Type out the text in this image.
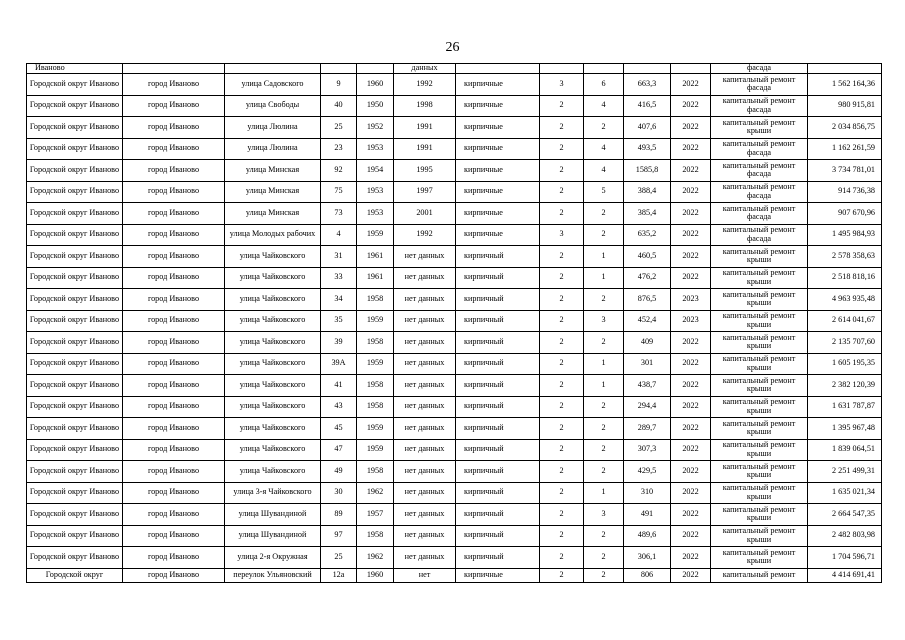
26
Иваново					данных						фасада	
Городской округ Иваново	город Иваново	улица Садовского	9	1960	1992	кирпичные	3	6	663,3	2022	капитальный ремонт фасада	1 562 164,36
Городской округ Иваново	город Иваново	улица Свободы	40	1950	1998	кирпичные	2	4	416,5	2022	капитальный ремонт фасада	980 915,81
Городской округ Иваново	город Иваново	улица Люлина	25	1952	1991	кирпичные	2	2	407,6	2022	капитальный ремонт крыши	2 034 856,75
Городской округ Иваново	город Иваново	улица Люлина	23	1953	1991	кирпичные	2	4	493,5	2022	капитальный ремонт фасада	1 162 261,59
Городской округ Иваново	город Иваново	улица Минская	92	1954	1995	кирпичные	2	4	1585,8	2022	капитальный ремонт фасада	3 734 781,01
Городской округ Иваново	город Иваново	улица Минская	75	1953	1997	кирпичные	2	5	388,4	2022	капитальный ремонт фасада	914 736,38
Городской округ Иваново	город Иваново	улица Минская	73	1953	2001	кирпичные	2	2	385,4	2022	капитальный ремонт фасада	907 670,96
Городской округ Иваново	город Иваново	улица Молодых рабочих	4	1959	1992	кирпичные	3	2	635,2	2022	капитальный ремонт фасада	1 495 984,93
Городской округ Иваново	город Иваново	улица Чайковского	31	1961	нет данных	кирпичный	2	1	460,5	2022	капитальный ремонт крыши	2 578 358,63
Городской округ Иваново	город Иваново	улица Чайковского	33	1961	нет данных	кирпичный	2	1	476,2	2022	капитальный ремонт крыши	2 518 818,16
Городской округ Иваново	город Иваново	улица Чайковского	34	1958	нет данных	кирпичный	2	2	876,5	2023	капитальный ремонт крыши	4 963 935,48
Городской округ Иваново	город Иваново	улица Чайковского	35	1959	нет данных	кирпичный	2	3	452,4	2023	капитальный ремонт крыши	2 614 041,67
Городской округ Иваново	город Иваново	улица Чайковского	39	1958	нет данных	кирпичный	2	2	409	2022	капитальный ремонт крыши	2 135 707,60
Городской округ Иваново	город Иваново	улица Чайковского	39А	1959	нет данных	кирпичный	2	1	301	2022	капитальный ремонт крыши	1 605 195,35
Городской округ Иваново	город Иваново	улица Чайковского	41	1958	нет данных	кирпичный	2	1	438,7	2022	капитальный ремонт крыши	2 382 120,39
Городской округ Иваново	город Иваново	улица Чайковского	43	1958	нет данных	кирпичный	2	2	294,4	2022	капитальный ремонт крыши	1 631 787,87
Городской округ Иваново	город Иваново	улица Чайковского	45	1959	нет данных	кирпичный	2	2	289,7	2022	капитальный ремонт крыши	1 395 967,48
Городской округ Иваново	город Иваново	улица Чайковского	47	1959	нет данных	кирпичный	2	2	307,3	2022	капитальный ремонт крыши	1 839 064,51
Городской округ Иваново	город Иваново	улица Чайковского	49	1958	нет данных	кирпичный	2	2	429,5	2022	капитальный ремонт крыши	2 251 499,31
Городской округ Иваново	город Иваново	улица 3-я Чайковского	30	1962	нет данных	кирпичный	2	1	310	2022	капитальный ремонт крыши	1 635 021,34
Городской округ Иваново	город Иваново	улица Шувандиной	89	1957	нет данных	кирпичный	2	3	491	2022	капитальный ремонт крыши	2 664 547,35
Городской округ Иваново	город Иваново	улица Шувандиной	97	1958	нет данных	кирпичный	2	2	489,6	2022	капитальный ремонт крыши	2 482 803,98
Городской округ Иваново	город Иваново	улица 2-я Окружная	25	1962	нет данных	кирпичный	2	2	306,1	2022	капитальный ремонт крыши	1 704 596,71
Городской округ	город Иваново	переулок Ульяновский	12а	1960	нет	кирпичные	2	2	806	2022	капитальный ремонт	4 414 691,41
